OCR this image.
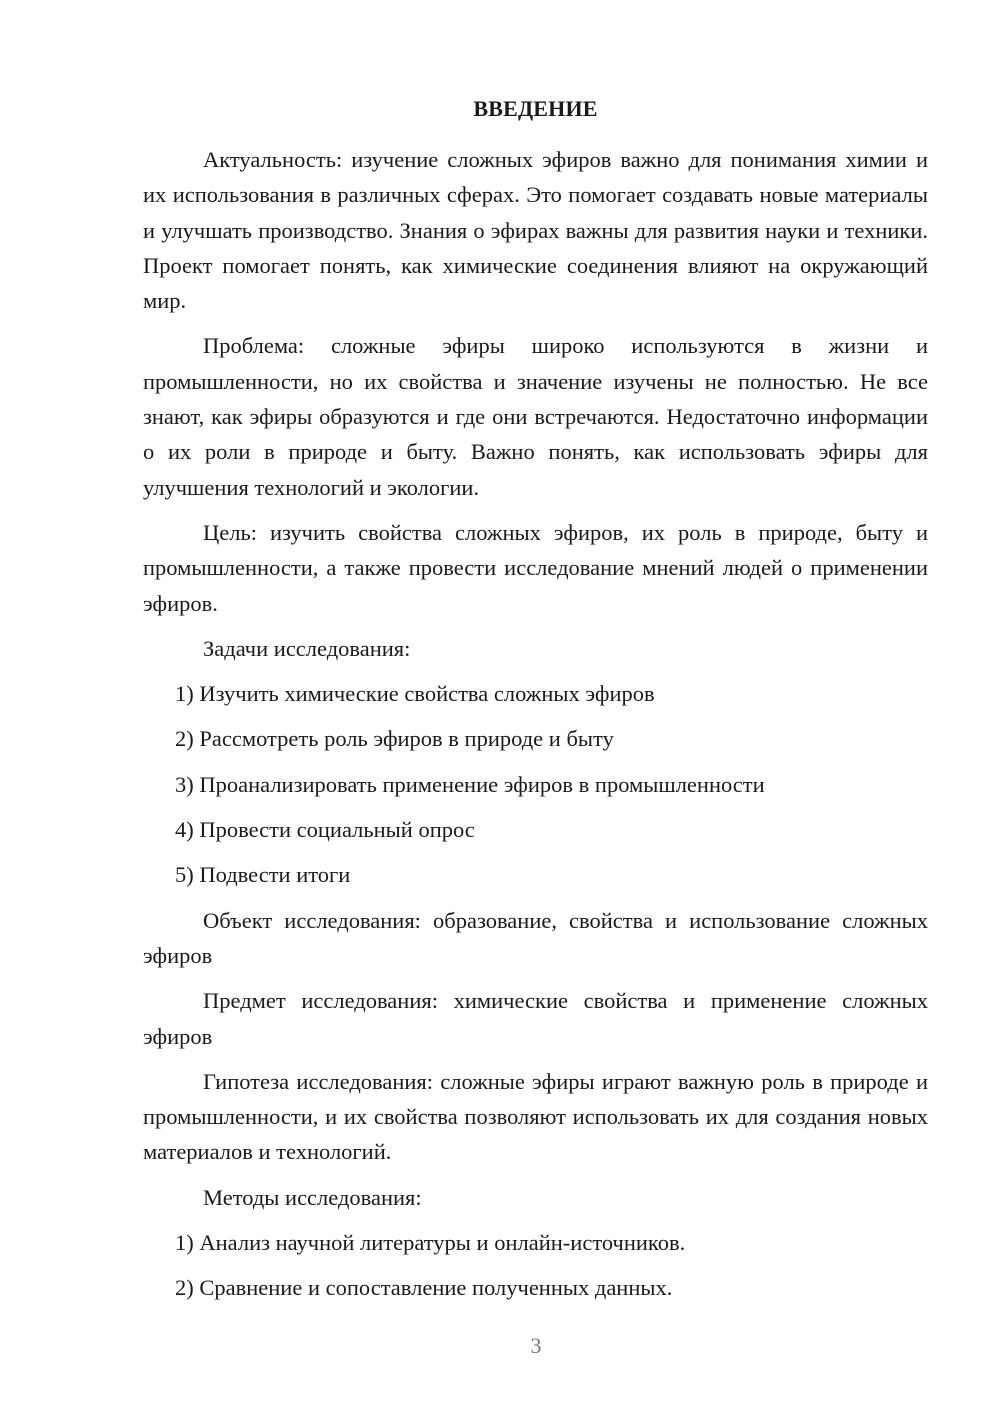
ВВЕДЕНИЕ

Актуальность: изучение сложных эфиров важно для понимания химии и их использования в различных сферах. Это помогает создавать новые материалы и улучшать производство. Знания о эфирах важны для развития науки и техники. Проект помогает понять, как химические соединения влияют на окружающий мир.

Проблема: сложные эфиры широко используются в жизни и промышленности, но их свойства и значение изучены не полностью. Не все знают, как эфиры образуются и где они встречаются. Недостаточно информации о их роли в природе и быту. Важно понять, как использовать эфиры для улучшения технологий и экологии.

Цель: изучить свойства сложных эфиров, их роль в природе, быту и промышленности, а также провести исследование мнений людей о применении эфиров.

Задачи исследования:

1) Изучить химические свойства сложных эфиров
2) Рассмотреть роль эфиров в природе и быту
3) Проанализировать применение эфиров в промышленности
4) Провести социальный опрос
5) Подвести итоги

Объект исследования: образование, свойства и использование сложных эфиров

Предмет исследования: химические свойства и применение сложных эфиров

Гипотеза исследования: сложные эфиры играют важную роль в природе и промышленности, и их свойства позволяют использовать их для создания новых материалов и технологий.

Методы исследования:

1) Анализ научной литературы и онлайн-источников.
2) Сравнение и сопоставление полученных данных.
3
